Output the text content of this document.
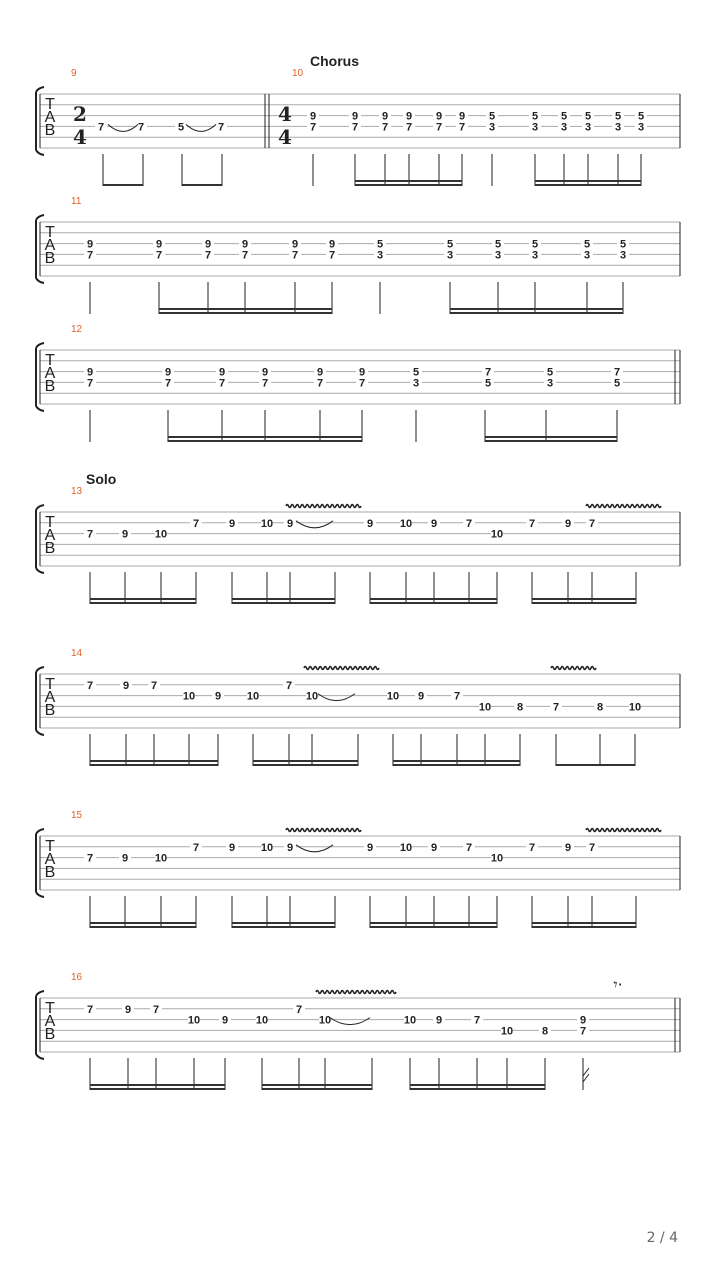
T
A
B
9	10
2
4
4
4
7	7	5	7
9
7
9
7
9
7
9
7
9
7
9
7
5
3
5
3
5
3
5
3
5
3
5
3
T
A
B
11
9
7
9
7
9
7
9
7
9
7
9
7
5
3
5
3
5
3
5
3
5
3
5
3
T
A
B
12
9
7
9
7
9
7
9
7
9
7
9
7
5
3
7
5
5
3
7
5
T
A
B
13
7	9 10
7	9 10 9	9 10 9	7
10
7	9 7
T
A
B
14
7	9 7
10 9 10
7
10	10 9	7
10 8	7	8 10
T
A
B
15
7	9 10
7	9 10 9	9 10 9	7
10
7	9 7
T
A
B
16
7	9 7
10 9	10
7
10	10 9	7
10	8
9
7
𝄾·
Chorus
Solo
2 / 4
